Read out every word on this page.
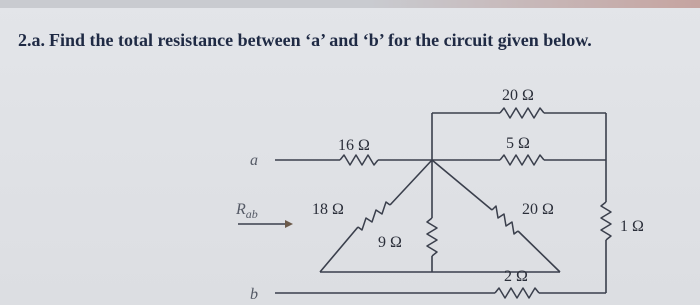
2.a. Find the total resistance between ‘a’ and ‘b’ for the circuit given below.
a
b
$R_{ab}$
16 Ω
18 Ω
9 Ω
20 Ω
5 Ω
20 Ω
2 Ω
1 Ω
